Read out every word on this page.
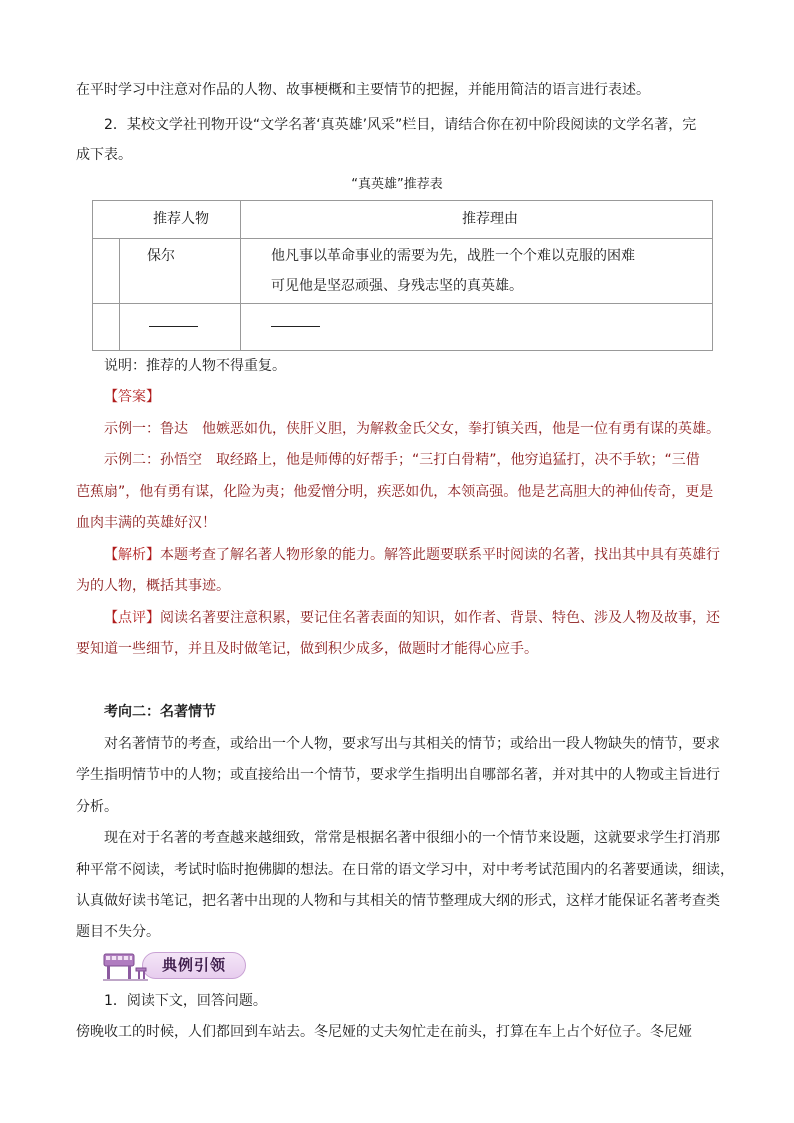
在平时学习中注意对作品的人物、故事梗概和主要情节的把握，并能用简洁的语言进行表述。
2．某校文学社刊物开设“文学名著‘真英雄’风采”栏目，请结合你在初中阶段阅读的文学名著，完
成下表。
“真英雄”推荐表
推荐人物	推荐理由
保尔	他凡事以革命事业的需要为先，战胜一个个难以克服的困难
可见他是坚忍顽强、身残志坚的真英雄。
说明：推荐的人物不得重复。
【答案】
示例一：鲁达　他嫉恶如仇，侠肝义胆，为解救金氏父女，拳打镇关西，他是一位有勇有谋的英雄。
示例二：孙悟空　取经路上，他是师傅的好帮手；“三打白骨精”，他穷追猛打，决不手软；“三借
芭蕉扇”，他有勇有谋，化险为夷；他爱憎分明，疾恶如仇，本领高强。他是艺高胆大的神仙传奇，更是
血肉丰满的英雄好汉！
【解析】本题考查了解名著人物形象的能力。解答此题要联系平时阅读的名著，找出其中具有英雄行
为的人物，概括其事迹。
【点评】阅读名著要注意积累，要记住名著表面的知识，如作者、背景、特色、涉及人物及故事，还
要知道一些细节，并且及时做笔记，做到积少成多，做题时才能得心应手。
考向二：名著情节
对名著情节的考查，或给出一个人物，要求写出与其相关的情节；或给出一段人物缺失的情节，要求
学生指明情节中的人物；或直接给出一个情节，要求学生指明出自哪部名著，并对其中的人物或主旨进行
分析。
现在对于名著的考查越来越细致，常常是根据名著中很细小的一个情节来设题，这就要求学生打消那
种平常不阅读，考试时临时抱佛脚的想法。在日常的语文学习中，对中考考试范围内的名著要通读，细读，
认真做好读书笔记，把名著中出现的人物和与其相关的情节整理成大纲的形式，这样才能保证名著考查类
题目不失分。
典例引领
1．阅读下文，回答问题。
傍晚收工的时候，人们都回到车站去。冬尼娅的丈夫匆忙走在前头，打算在车上占个好位子。冬尼娅
